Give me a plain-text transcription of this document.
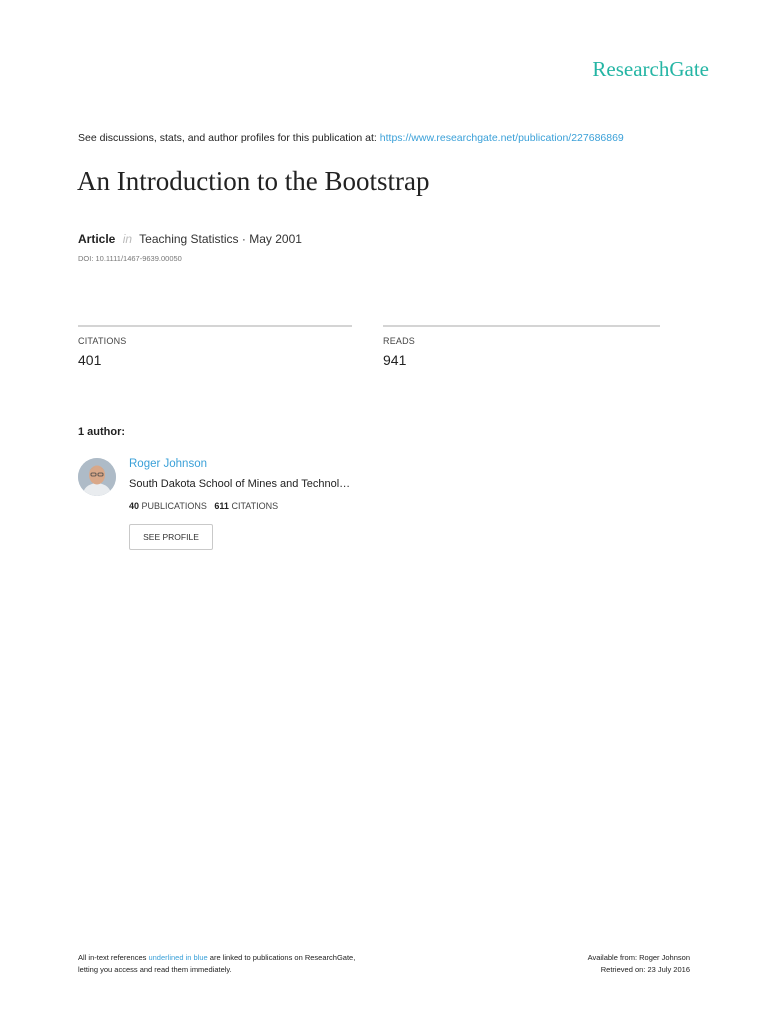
ResearchGate
See discussions, stats, and author profiles for this publication at: https://www.researchgate.net/publication/227686869
An Introduction to the Bootstrap
Article in Teaching Statistics · May 2001
DOI: 10.1111/1467-9639.00050
CITATIONS
401
READS
941
1 author:
Roger Johnson
South Dakota School of Mines and Technol…
40 PUBLICATIONS 611 CITATIONS
SEE PROFILE
All in-text references underlined in blue are linked to publications on ResearchGate,
letting you access and read them immediately.
Available from: Roger Johnson
Retrieved on: 23 July 2016
